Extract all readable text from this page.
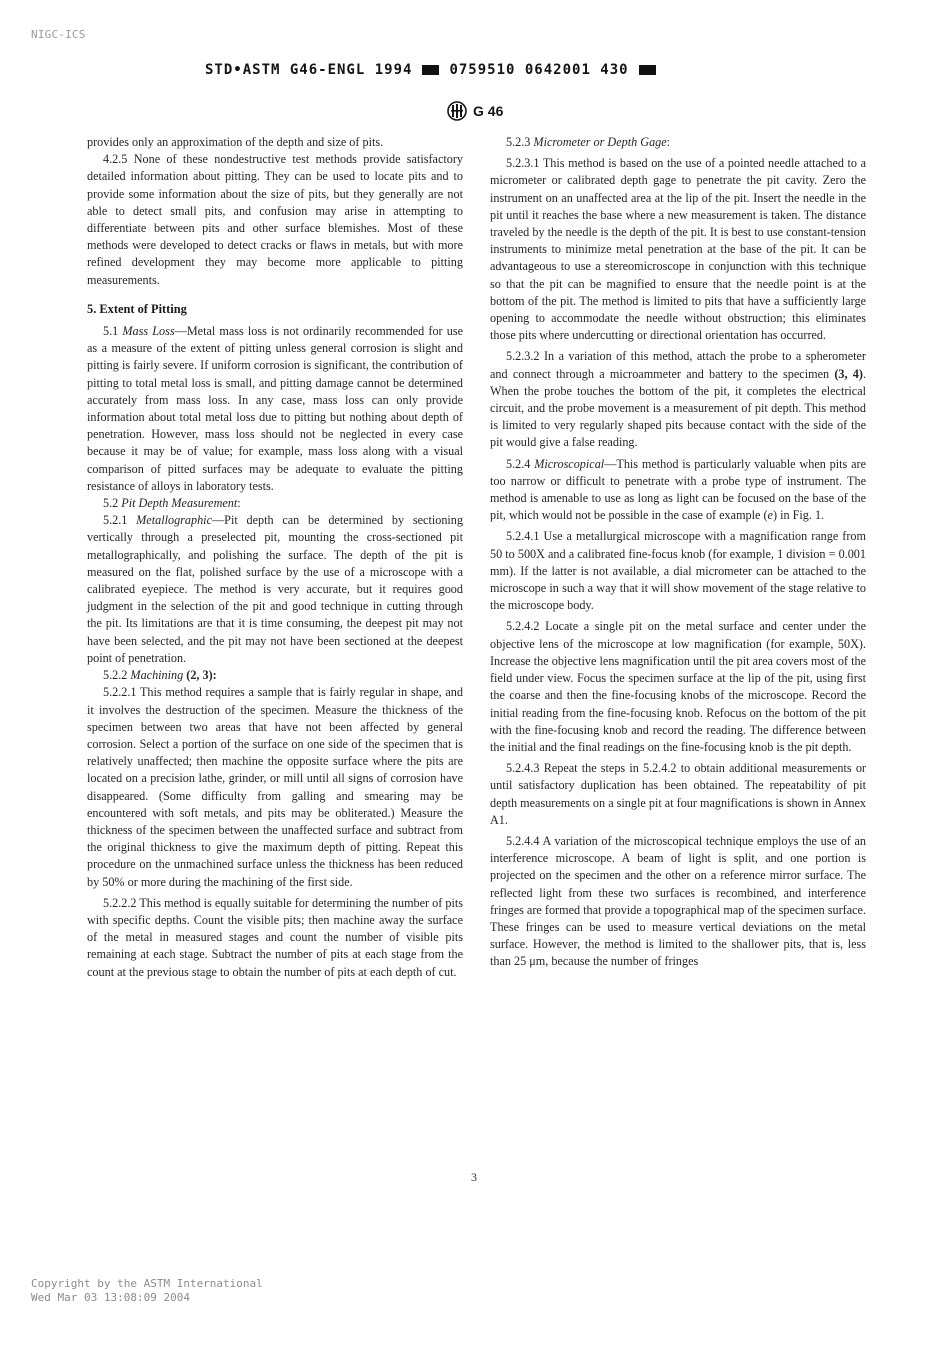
NIGC-ICS
STD•ASTM G46-ENGL 1994	0759510 0642001 430
G 46

provides only an approximation of the depth and size of pits.

4.2.5 None of these nondestructive test methods provide satisfactory detailed information about pitting. They can be used to locate pits and to provide some information about the size of pits, but they generally are not able to detect small pits, and confusion may arise in attempting to differentiate between pits and other surface blemishes. Most of these methods were developed to detect cracks or flaws in metals, but with more refined development they may become more applicable to pitting measurements.

5. Extent of Pitting

5.1 Mass Loss—Metal mass loss is not ordinarily recommended for use as a measure of the extent of pitting unless general corrosion is slight and pitting is fairly severe. If uniform corrosion is significant, the contribution of pitting to total metal loss is small, and pitting damage cannot be determined accurately from mass loss. In any case, mass loss can only provide information about total metal loss due to pitting but nothing about depth of penetration. However, mass loss should not be neglected in every case because it may be of value; for example, mass loss along with a visual comparison of pitted surfaces may be adequate to evaluate the pitting resistance of alloys in laboratory tests.

5.2 Pit Depth Measurement:

5.2.1 Metallographic—Pit depth can be determined by sectioning vertically through a preselected pit, mounting the cross-sectioned pit metallographically, and polishing the surface. The depth of the pit is measured on the flat, polished surface by the use of a microscope with a calibrated eyepiece. The method is very accurate, but it requires good judgment in the selection of the pit and good technique in cutting through the pit. Its limitations are that it is time consuming, the deepest pit may not have been selected, and the pit may not have been sectioned at the deepest point of penetration.

5.2.2 Machining (2, 3):

5.2.2.1 This method requires a sample that is fairly regular in shape, and it involves the destruction of the specimen. Measure the thickness of the specimen between two areas that have not been affected by general corrosion. Select a portion of the surface on one side of the specimen that is relatively unaffected; then machine the opposite surface where the pits are located on a precision lathe, grinder, or mill until all signs of corrosion have disappeared. (Some difficulty from galling and smearing may be encountered with soft metals, and pits may be obliterated.) Measure the thickness of the specimen between the unaffected surface and subtract from the original thickness to give the maximum depth of pitting. Repeat this procedure on the unmachined surface unless the thickness has been reduced by 50% or more during the machining of the first side.

5.2.2.2 This method is equally suitable for determining the number of pits with specific depths. Count the visible pits; then machine away the surface of the metal in measured stages and count the number of visible pits remaining at each stage. Subtract the number of pits at each stage from the count at the previous stage to obtain the number of pits at each depth of cut.

5.2.3 Micrometer or Depth Gage:

5.2.3.1 This method is based on the use of a pointed needle attached to a micrometer or calibrated depth gage to penetrate the pit cavity. Zero the instrument on an unaffected area at the lip of the pit. Insert the needle in the pit until it reaches the base where a new measurement is taken. The distance traveled by the needle is the depth of the pit. It is best to use constant-tension instruments to minimize metal penetration at the base of the pit. It can be advantageous to use a stereomicroscope in conjunction with this technique so that the pit can be magnified to ensure that the needle point is at the bottom of the pit. The method is limited to pits that have a sufficiently large opening to accommodate the needle without obstruction; this eliminates those pits where undercutting or directional orientation has occurred.

5.2.3.2 In a variation of this method, attach the probe to a spherometer and connect through a microammeter and battery to the specimen (3, 4). When the probe touches the bottom of the pit, it completes the electrical circuit, and the probe movement is a measurement of pit depth. This method is limited to very regularly shaped pits because contact with the side of the pit would give a false reading.

5.2.4 Microscopical—This method is particularly valuable when pits are too narrow or difficult to penetrate with a probe type of instrument. The method is amenable to use as long as light can be focused on the base of the pit, which would not be possible in the case of example (e) in Fig. 1.

5.2.4.1 Use a metallurgical microscope with a magnification range from 50 to 500X and a calibrated fine-focus knob (for example, 1 division = 0.001 mm). If the latter is not available, a dial micrometer can be attached to the microscope in such a way that it will show movement of the stage relative to the microscope body.

5.2.4.2 Locate a single pit on the metal surface and center under the objective lens of the microscope at low magnification (for example, 50X). Increase the objective lens magnification until the pit area covers most of the field under view. Focus the specimen surface at the lip of the pit, using first the coarse and then the fine-focusing knobs of the microscope. Record the initial reading from the fine-focusing knob. Refocus on the bottom of the pit with the fine-focusing knob and record the reading. The difference between the initial and the final readings on the fine-focusing knob is the pit depth.

5.2.4.3 Repeat the steps in 5.2.4.2 to obtain additional measurements or until satisfactory duplication has been obtained. The repeatability of pit depth measurements on a single pit at four magnifications is shown in Annex A1.

5.2.4.4 A variation of the microscopical technique employs the use of an interference microscope. A beam of light is split, and one portion is projected on the specimen and the other on a reference mirror surface. The reflected light from these two surfaces is recombined, and interference fringes are formed that provide a topographical map of the specimen surface. These fringes can be used to measure vertical deviations on the metal surface. However, the method is limited to the shallower pits, that is, less than 25 μm, because the number of fringes

3
Copyright by the ASTM International
Wed Mar 03 13:08:09 2004
